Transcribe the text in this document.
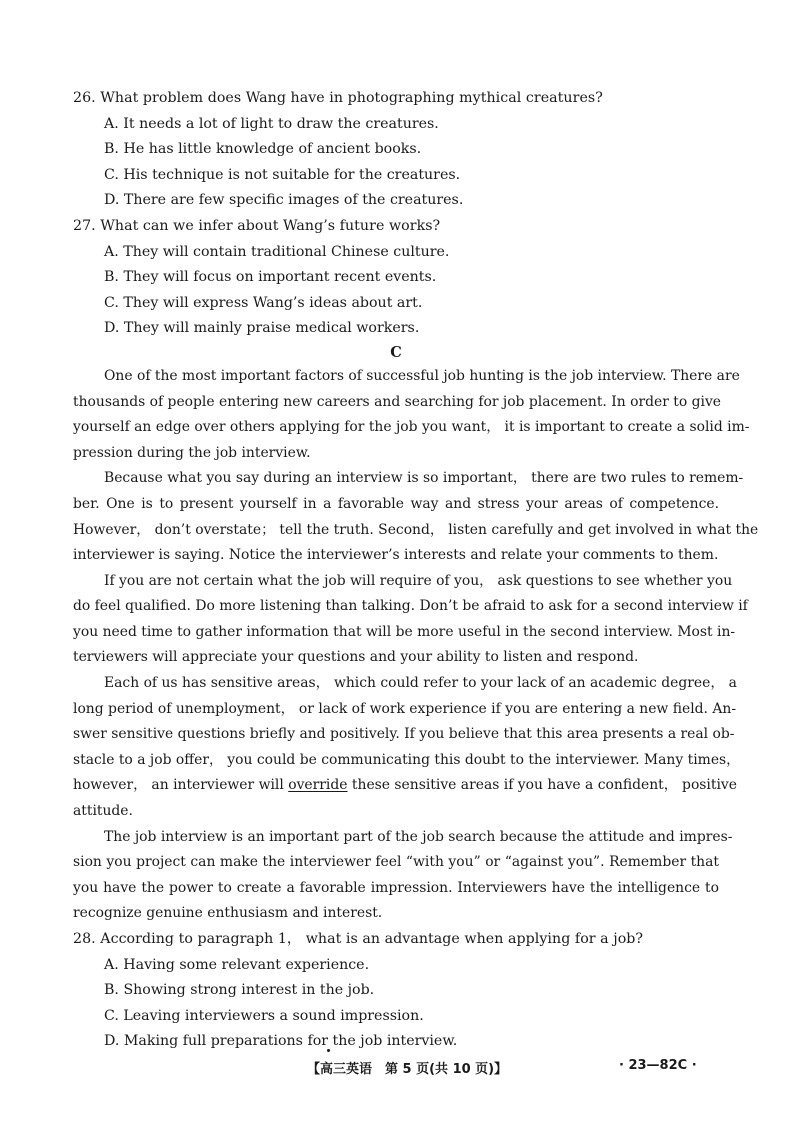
26. What problem does Wang have in photographing mythical creatures?
A. It needs a lot of light to draw the creatures.
B. He has little knowledge of ancient books.
C. His technique is not suitable for the creatures.
D. There are few specific images of the creatures.
27. What can we infer about Wang’s future works?
A. They will contain traditional Chinese culture.
B. They will focus on important recent events.
C. They will express Wang’s ideas about art.
D. They will mainly praise medical workers.
C
One of the most important factors of successful job hunting is the job interview. There are
thousands of people entering new careers and searching for job placement. In order to give
yourself an edge over others applying for the job you want， it is important to create a solid im-
pression during the job interview.
Because what you say during an interview is so important， there are two rules to remem-
ber. One is to present yourself in a favorable way and stress your areas of competence.
However， don’t overstate； tell the truth. Second， listen carefully and get involved in what the
interviewer is saying. Notice the interviewer’s interests and relate your comments to them.
If you are not certain what the job will require of you， ask questions to see whether you
do feel qualified. Do more listening than talking. Don’t be afraid to ask for a second interview if
you need time to gather information that will be more useful in the second interview. Most in-
terviewers will appreciate your questions and your ability to listen and respond.
Each of us has sensitive areas， which could refer to your lack of an academic degree， a
long period of unemployment， or lack of work experience if you are entering a new field. An-
swer sensitive questions briefly and positively. If you believe that this area presents a real ob-
stacle to a job offer， you could be communicating this doubt to the interviewer. Many times，
however， an interviewer will override these sensitive areas if you have a confident， positive
attitude.
The job interview is an important part of the job search because the attitude and impres-
sion you project can make the interviewer feel “with you” or “against you”. Remember that
you have the power to create a favorable impression. Interviewers have the intelligence to
recognize genuine enthusiasm and interest.
28. According to paragraph 1， what is an advantage when applying for a job?
A. Having some relevant experience.
B. Showing strong interest in the job.
C. Leaving interviewers a sound impression.
D. Making full preparations for the job interview.
【高三英语　第 5 页(共 10 页)】	· 23—82C ·
